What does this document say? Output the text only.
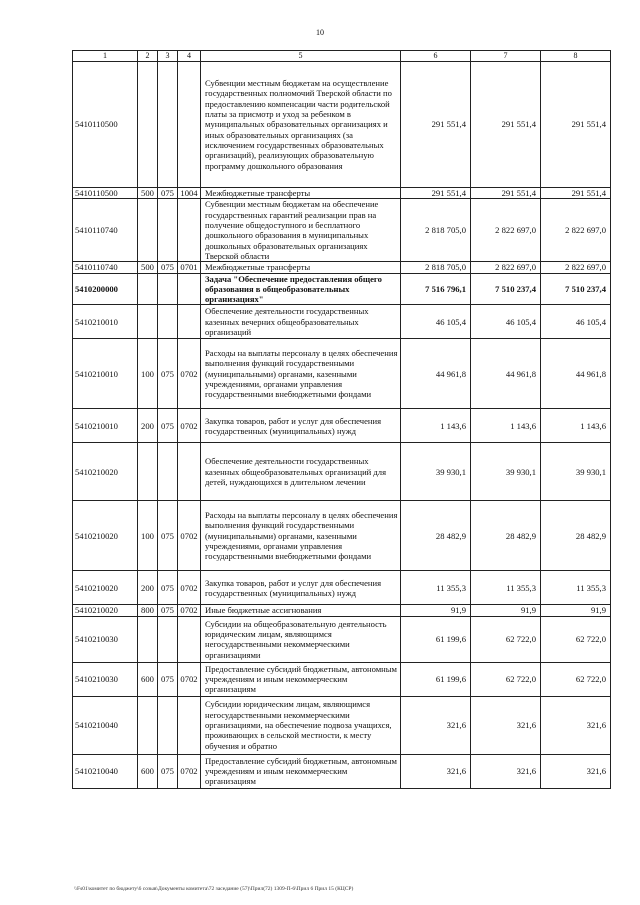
10
1	2	3	4	5	6	7	8
5410110500				Субвенции местным бюджетам на осуществление государственных полномочий Тверской области по предоставлению компенсации части родительской платы за присмотр и уход за ребенком в муниципальных образовательных организациях и иных образовательных организациях (за исключением государственных образовательных организаций), реализующих образовательную программу дошкольного образования	291 551,4	291 551,4	291 551,4
5410110500	500	075	1004	Межбюджетные трансферты	291 551,4	291 551,4	291 551,4
5410110740				Субвенции местным бюджетам на обеспечение государственных гарантий реализации прав на получение общедоступного и бесплатного дошкольного образования в муниципальных дошкольных образовательных организациях Тверской области	2 818 705,0	2 822 697,0	2 822 697,0
5410110740	500	075	0701	Межбюджетные трансферты	2 818 705,0	2 822 697,0	2 822 697,0
5410200000				Задача "Обеспечение предоставления общего образования в общеобразовательных организациях"	7 516 796,1	7 510 237,4	7 510 237,4
5410210010				Обеспечение деятельности государственных казенных вечерних общеобразовательных организаций	46 105,4	46 105,4	46 105,4
5410210010	100	075	0702	Расходы на выплаты персоналу в целях обеспечения выполнения функций государственными (муниципальными) органами, казенными учреждениями, органами управления государственными внебюджетными фондами	44 961,8	44 961,8	44 961,8
5410210010	200	075	0702	Закупка товаров, работ и услуг для обеспечения государственных (муниципальных) нужд	1 143,6	1 143,6	1 143,6
5410210020				Обеспечение деятельности государственных казенных общеобразовательных организаций для детей, нуждающихся в длительном лечении	39 930,1	39 930,1	39 930,1
5410210020	100	075	0702	Расходы на выплаты персоналу в целях обеспечения выполнения функций государственными (муниципальными) органами, казенными учреждениями, органами управления государственными внебюджетными фондами	28 482,9	28 482,9	28 482,9
5410210020	200	075	0702	Закупка товаров, работ и услуг для обеспечения государственных (муниципальных) нужд	11 355,3	11 355,3	11 355,3
5410210020	800	075	0702	Иные бюджетные ассигнования	91,9	91,9	91,9
5410210030				Субсидии на общеобразовательную деятельность юридическим лицам, являющимся негосударственными некоммерческими организациями	61 199,6	62 722,0	62 722,0
5410210030	600	075	0702	Предоставление субсидий бюджетным, автономным учреждениям и иным некоммерческим организациям	61 199,6	62 722,0	62 722,0
5410210040				Субсидии юридическим лицам, являющимся негосударственными некоммерческими организациями, на обеспечение подвоза учащихся, проживающих в сельской местности, к месту обучения и обратно	321,6	321,6	321,6
5410210040	600	075	0702	Предоставление субсидий бюджетным, автономным учреждениям и иным некоммерческим организациям	321,6	321,6	321,6
\\Fs01\комитет по бюджету\6 созыв\Документы комитета\72 заседание (57)\Прил(72) 1309-П-6\Прил 6 Прил 15 (КЦСР)
